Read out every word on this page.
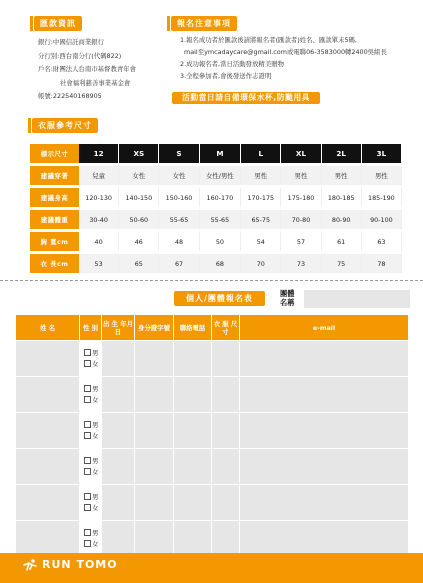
匯款資訊
銀行:中國信託商業銀行
分行別:西台南分行(代碼822)
戶名:財團法人台南市基督教青年會
社會福利慈善事業基金會
帳號:222540168905
報名注意事項
1.報名成功者於匯款後請將報名者(匯款者)姓名、匯款單末5碼,
mail至ymcadaycare@gmail.com或電聯06-3583000轉2400吳組長
2.成功報名者,當日活動發放精美贈物
3.全程參加者,會後發送作志證明
活動當日請自備環保水杯,防颱用具
衣服參考尺寸
標示尺寸	12	XS	S	M	L	XL	2L	3L
建議穿著	兒童	女性	女性	女性/男性	男性	男性	男性	男性
建議身高	120-130	140-150	150-160	160-170	170-175	175-180	180-185	185-190
建議體重	30-40	50-60	55-65	55-65	65-75	70-80	80-90	90-100
胸 寬cm	40	46	48	50	54	57	61	63
衣 長cm	53	65	67	68	70	73	75	78
個人/團體報名表
團體名稱
姓 名	性 別	出 生 年月日	身分證字號	聯絡電話	衣 服 尺 寸	e-mail

	男
女					

	男
女					

	男
女					

	男
女					

	男
女					

	男
女					

RUN TOMO
